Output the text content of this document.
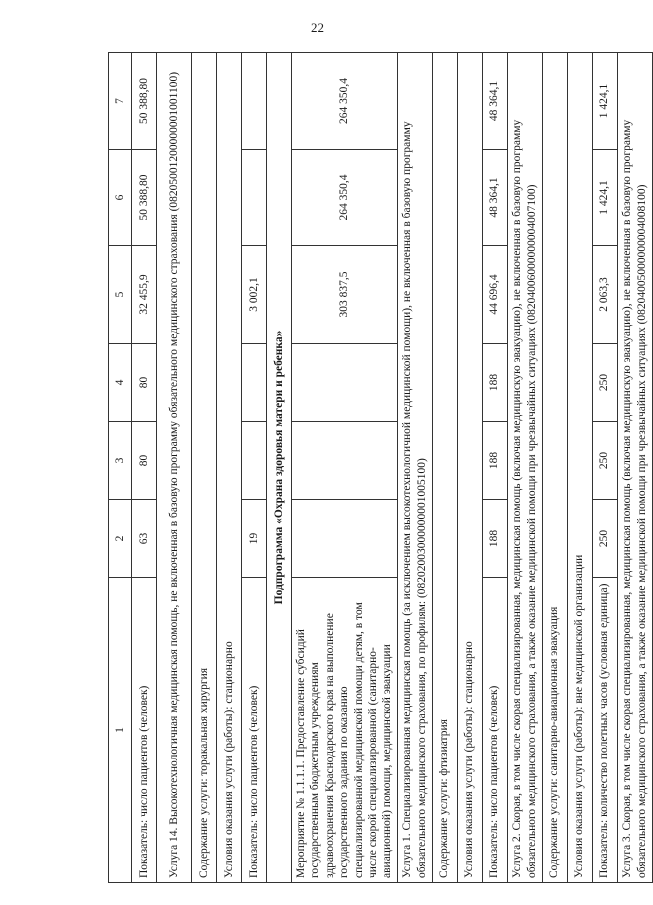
22
1	2	3	4	5	6	7
Показатель: число пациентов (человек)	63	80	80	32 455,9	50 388,80	50 388,80
Услуга 14. Высокотехнологичная медицинская помощь, не включенная в базовую программу обязательного медицинского страхования (08205001200000001001100)						
Содержание услуги: торакальная хирургия						
Условия оказания услуги (работы): стационарно						
Показатель: число пациентов (человек)	19			3 002,1		
Подпрограмма «Охрана здоровья матери и ребенка»						
Мероприятие № 1.1.1.1. Предоставление субсидий государственным бюджетным учреждениям здравоохранения Краснодарского края на выполнение государственного задания по оказанию специализированной медицинской помощи детям, в том числе скорой специализированной (санитарно-авиационной) помощи, медицинской эвакуации				303 837,5	264 350,4	264 350,4
Услуга 1. Специализированная медицинская помощь (за исключением высокотехнологичной медицинской помощи), не включенная в базовую программу обязательного медицинского страхования, по профилям: (08202003000000001005100)						
Содержание услуги: фтизиатрия						
Условия оказания услуги (работы): стационарно						
Показатель: число пациентов (человек)	188	188	188	44 696,4	48 364,1	48 364,1
Услуга 2. Скорая, в том числе скорая специализированная, медицинская помощь (включая медицинскую эвакуацию), не включенная в базовую программу обязательного медицинского страхования, а также оказание медицинской помощи при чрезвычайных ситуациях (08204006000000004007100)						
Содержание услуги: санитарно-авиационная эвакуация						
Условия оказания услуги (работы): вне медицинской организации						
Показатель: количество полетных часов (условная единица)	250	250	250	2 063,3	1 424,1	1 424,1
Услуга 3. Скорая, в том числе скорая специализированная, медицинская помощь (включая медицинскую эвакуацию), не включенная в базовую программу обязательного медицинского страхования, а также оказание медицинской помощи при чрезвычайных ситуациях (08204005000000004008100)						
